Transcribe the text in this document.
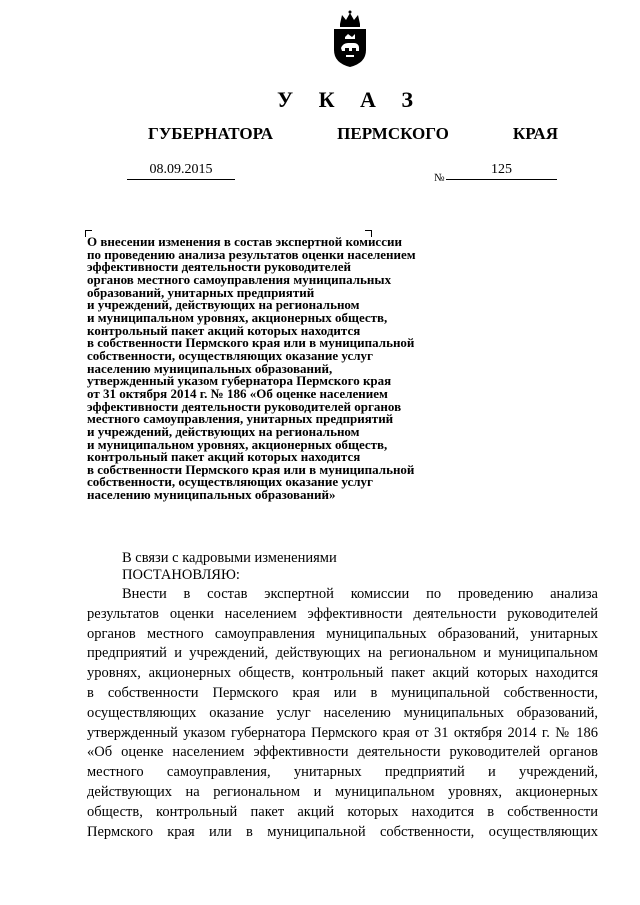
У К А З
ГУБЕРНАТОРА ПЕРМСКОГО КРАЯ
08.09.2015
№
125
О внесении изменения в состав экспертной комиссии
по проведению анализа результатов оценки населением
эффективности деятельности руководителей
органов местного самоуправления муниципальных
образований, унитарных предприятий
и учреждений, действующих на региональном
и муниципальном уровнях, акционерных обществ,
контрольный пакет акций которых находится
в собственности Пермского края или в муниципальной
собственности, осуществляющих оказание услуг
населению муниципальных образований,
утвержденный указом губернатора Пермского края
от 31 октября 2014 г. № 186 «Об оценке населением
эффективности деятельности руководителей органов
местного самоуправления, унитарных предприятий
и учреждений, действующих на региональном
и муниципальном уровнях, акционерных обществ,
контрольный пакет акций которых находится
в собственности Пермского края или в муниципальной
собственности, осуществляющих оказание услуг
населению муниципальных образований»
В связи с кадровыми изменениями
ПОСТАНОВЛЯЮ:
Внести в состав экспертной комиссии по проведению анализа
результатов оценки населением эффективности деятельности руководителей
органов местного самоуправления муниципальных образований, унитарных
предприятий и учреждений, действующих на региональном и муниципальном
уровнях, акционерных обществ, контрольный пакет акций которых находится
в собственности Пермского края или в муниципальной собственности,
осуществляющих оказание услуг населению муниципальных образований,
утвержденный указом губернатора Пермского края от 31 октября 2014 г. № 186
«Об оценке населением эффективности деятельности руководителей органов
местного самоуправления, унитарных предприятий и учреждений,
действующих на региональном и муниципальном уровнях, акционерных
обществ, контрольный пакет акций которых находится в собственности
Пермского края или в муниципальной собственности, осуществляющих
